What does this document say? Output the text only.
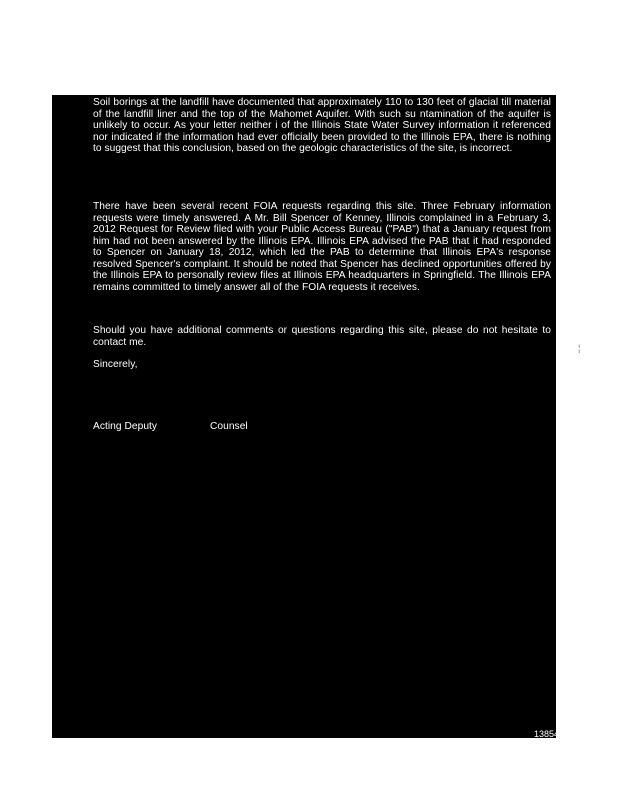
Soil borings at the landfill have documented that approximately 110 to 130 feet of glacial till material of the landfill liner and the top of the Mahomet Aquifer. With such su ntamination of the aquifer is unlikely to occur. As your letter neither i of the Illinois State Water Survey information it referenced nor indicated if the information had ever officially been provided to the Illinois EPA, there is nothing to suggest that this conclusion, based on the geologic characteristics of the site, is incorrect.
There have been several recent FOIA requests regarding this site. Three February information requests were timely answered. A Mr. Bill Spencer of Kenney, Illinois complained in a February 3, 2012 Request for Review filed with your Public Access Bureau ("PAB") that a January request from him had not been answered by the Illinois EPA. Illinois EPA advised the PAB that it had responded to Spencer on January 18, 2012, which led the PAB to determine that Illinois EPA's response resolved Spencer's complaint. It should be noted that Spencer has declined opportunities offered by the Illinois EPA to personally review files at Illinois EPA headquarters in Springfield. The Illinois EPA remains committed to timely answer all of the FOIA requests it receives.
Should you have additional comments or questions regarding this site, please do not hesitate to contact me.
Sincerely,
Acting Deputy	Counsel
13854
/
¦
